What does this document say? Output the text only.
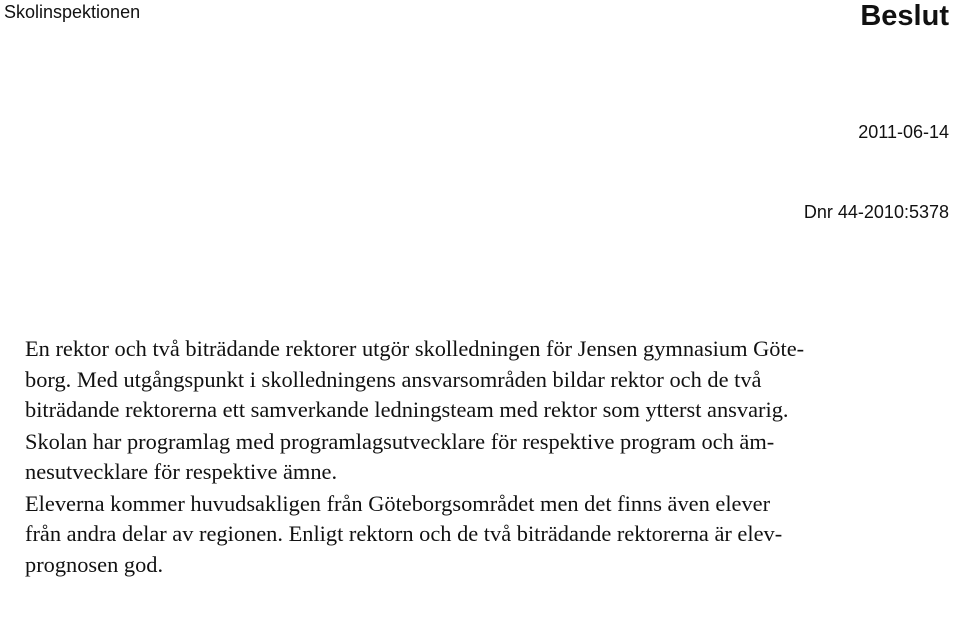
Skolinspektionen	Beslut
2011-06-14
Dnr 44-2010:5378

En rektor och två biträdande rektorer utgör skolledningen för Jensen gymnasium Göte-
borg. Med utgångspunkt i skolledningens ansvarsområden bildar rektor och de två
biträdande rektorerna ett samverkande ledningsteam med rektor som ytterst ansvarig.

Skolan har programlag med programlagsutvecklare för respektive program och äm-
nesutvecklare för respektive ämne.

Eleverna kommer huvudsakligen från Göteborgsområdet men det finns även elever
från andra delar av regionen. Enligt rektorn och de två biträdande rektorerna är elev-
prognosen god.
